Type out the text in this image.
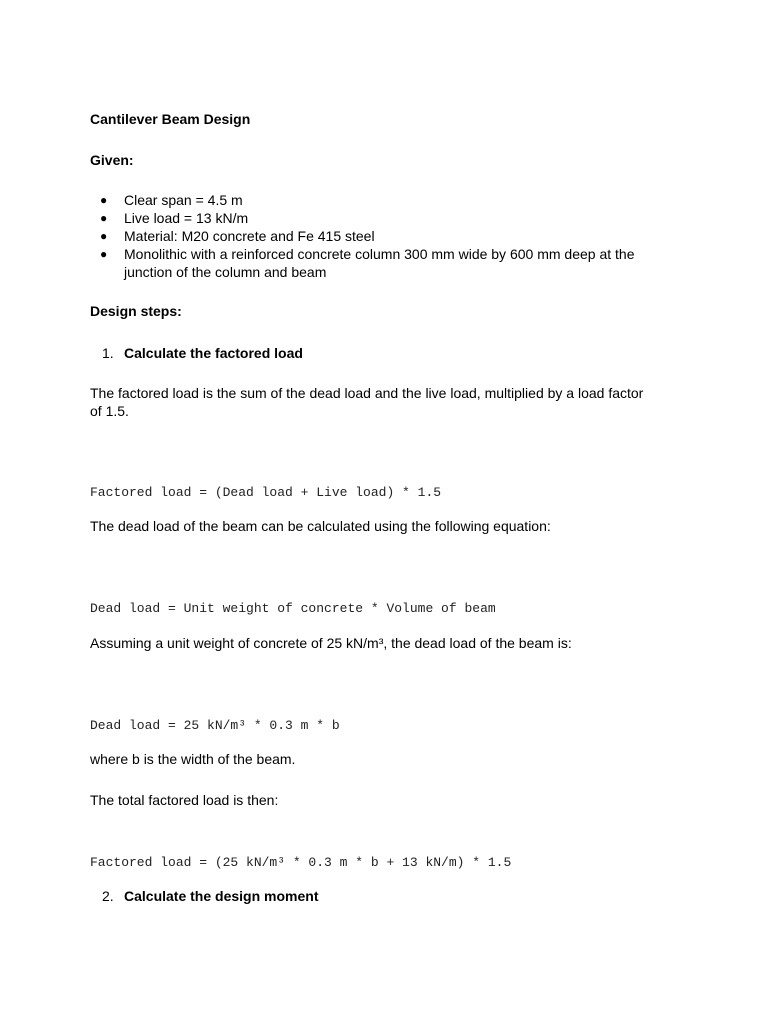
Cantilever Beam Design
Given:
● Clear span = 4.5 m
● Live load = 13 kN/m
● Material: M20 concrete and Fe 415 steel
● Monolithic with a reinforced concrete column 300 mm wide by 600 mm deep at the junction of the column and beam
Design steps:
1. Calculate the factored load
The factored load is the sum of the dead load and the live load, multiplied by a load factor of 1.5.
Factored load = (Dead load + Live load) * 1.5
The dead load of the beam can be calculated using the following equation:
Dead load = Unit weight of concrete * Volume of beam
Assuming a unit weight of concrete of 25 kN/m³, the dead load of the beam is:
Dead load = 25 kN/m³ * 0.3 m * b
where b is the width of the beam.
The total factored load is then:
Factored load = (25 kN/m³ * 0.3 m * b + 13 kN/m) * 1.5
2. Calculate the design moment
